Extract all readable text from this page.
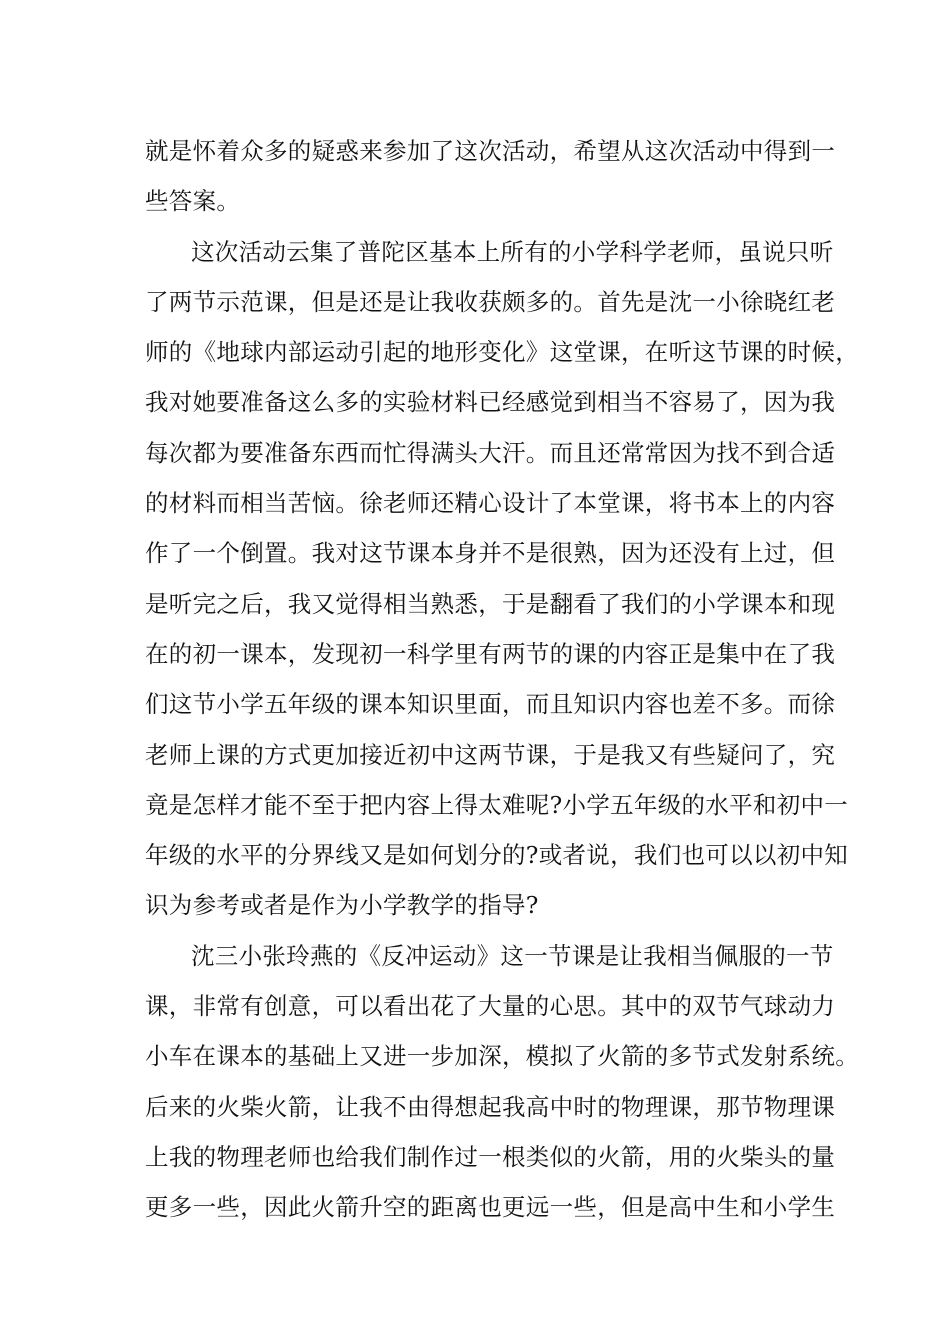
就是怀着众多的疑惑来参加了这次活动，希望从这次活动中得到一
些答案。
这次活动云集了普陀区基本上所有的小学科学老师，虽说只听
了两节示范课，但是还是让我收获颇多的。首先是沈一小徐晓红老
师的《地球内部运动引起的地形变化》这堂课，在听这节课的时候，
我对她要准备这么多的实验材料已经感觉到相当不容易了，因为我
每次都为要准备东西而忙得满头大汗。而且还常常因为找不到合适
的材料而相当苦恼。徐老师还精心设计了本堂课，将书本上的内容
作了一个倒置。我对这节课本身并不是很熟，因为还没有上过，但
是听完之后，我又觉得相当熟悉，于是翻看了我们的小学课本和现
在的初一课本，发现初一科学里有两节的课的内容正是集中在了我
们这节小学五年级的课本知识里面，而且知识内容也差不多。而徐
老师上课的方式更加接近初中这两节课，于是我又有些疑问了，究
竟是怎样才能不至于把内容上得太难呢?小学五年级的水平和初中一
年级的水平的分界线又是如何划分的?或者说，我们也可以以初中知
识为参考或者是作为小学教学的指导?
沈三小张玲燕的《反冲运动》这一节课是让我相当佩服的一节
课，非常有创意，可以看出花了大量的心思。其中的双节气球动力
小车在课本的基础上又进一步加深，模拟了火箭的多节式发射系统。
后来的火柴火箭，让我不由得想起我高中时的物理课，那节物理课
上我的物理老师也给我们制作过一根类似的火箭，用的火柴头的量
更多一些，因此火箭升空的距离也更远一些，但是高中生和小学生
